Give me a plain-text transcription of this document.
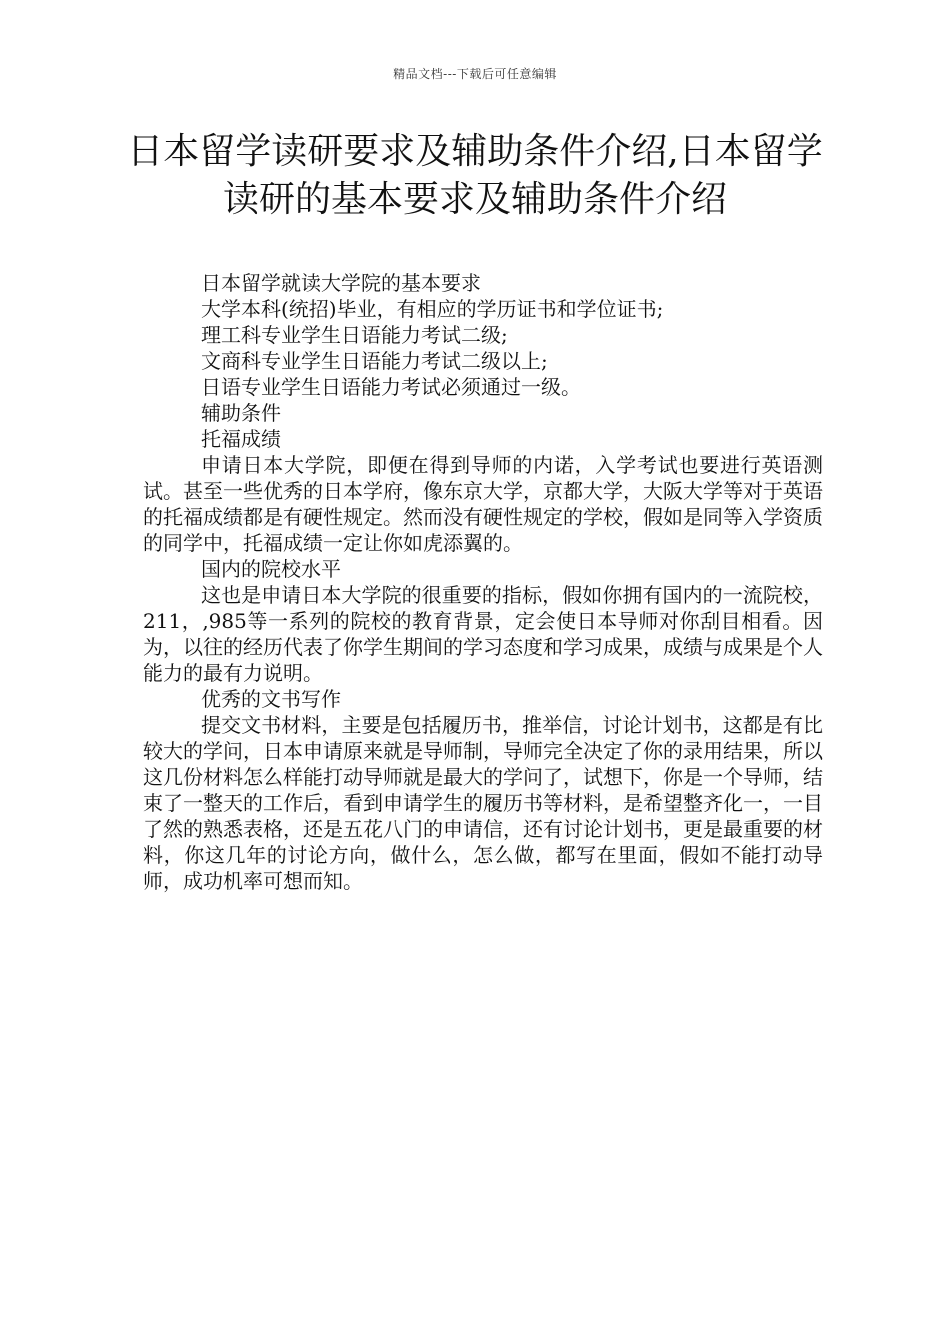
精品文档---下载后可任意编辑
日本留学读研要求及辅助条件介绍,日本留学读研的基本要求及辅助条件介绍

日本留学就读大学院的基本要求

大学本科(统招)毕业，有相应的学历证书和学位证书;

理工科专业学生日语能力考试二级;

文商科专业学生日语能力考试二级以上;

日语专业学生日语能力考试必须通过一级。

辅助条件

托福成绩

申请日本大学院，即便在得到导师的内诺，入学考试也要进行英语测试。甚至一些优秀的日本学府，像东京大学，京都大学，大阪大学等对于英语的托福成绩都是有硬性规定。然而没有硬性规定的学校，假如是同等入学资质的同学中，托福成绩一定让你如虎添翼的。

国内的院校水平

这也是申请日本大学院的很重要的指标，假如你拥有国内的一流院校，211，,985等一系列的院校的教育背景，定会使日本导师对你刮目相看。因为，以往的经历代表了你学生期间的学习态度和学习成果，成绩与成果是个人能力的最有力说明。

优秀的文书写作

提交文书材料，主要是包括履历书，推举信，讨论计划书，这都是有比较大的学问，日本申请原来就是导师制，导师完全决定了你的录用结果，所以这几份材料怎么样能打动导师就是最大的学问了，试想下，你是一个导师，结束了一整天的工作后，看到申请学生的履历书等材料，是希望整齐化一，一目了然的熟悉表格，还是五花八门的申请信，还有讨论计划书，更是最重要的材料，你这几年的讨论方向，做什么，怎么做，都写在里面，假如不能打动导师，成功机率可想而知。
